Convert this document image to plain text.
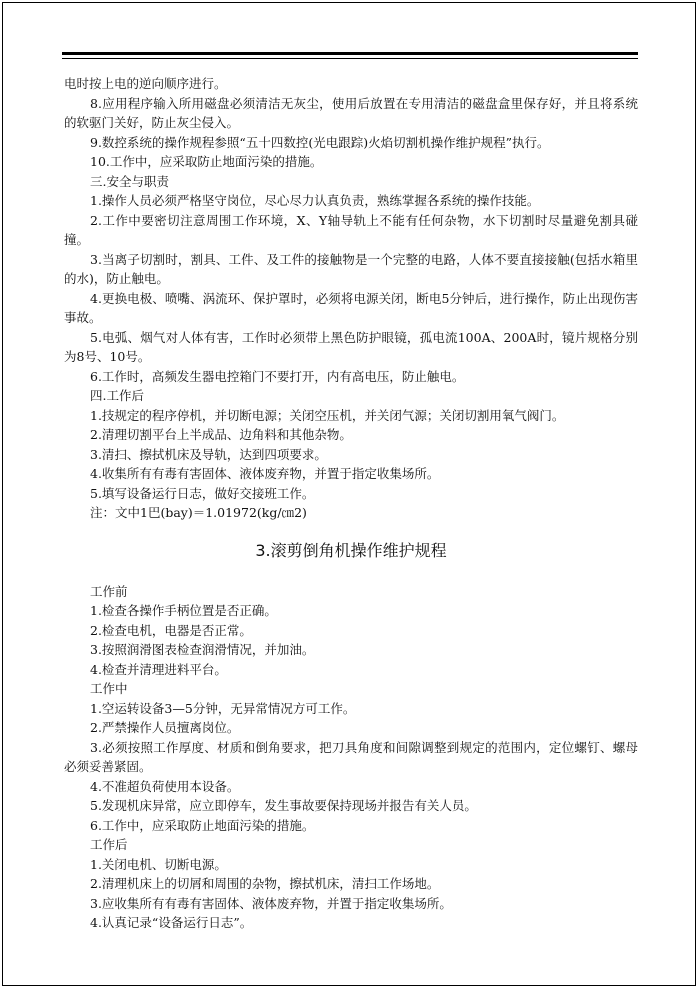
电时按上电的逆向顺序进行。

8.应用程序输入所用磁盘必须清洁无灰尘，使用后放置在专用清洁的磁盘盒里保存好，并且将系统的软驱门关好，防止灰尘侵入。

9.数控系统的操作规程参照“五十四数控(光电跟踪)火焰切割机操作维护规程”执行。

10.工作中，应采取防止地面污染的措施。

三.安全与职责

1.操作人员必须严格坚守岗位，尽心尽力认真负责，熟练掌握各系统的操作技能。

2.工作中要密切注意周围工作环境，X、Y轴导轨上不能有任何杂物，水下切割时尽量避免割具碰撞。

3.当离子切割时，割具、工件、及工件的接触物是一个完整的电路，人体不要直接接触(包括水箱里的水)，防止触电。

4.更换电极、喷嘴、涡流环、保护罩时，必须将电源关闭，断电5分钟后，进行操作，防止出现伤害事故。

5.电弧、烟气对人体有害，工作时必须带上黑色防护眼镜，孤电流100A、200A时，镜片规格分别为8号、10号。

6.工作时，高频发生器电控箱门不要打开，内有高电压，防止触电。

四.工作后

1.技规定的程序停机，并切断电源；关闭空压机，并关闭气源；关闭切割用氧气阀门。

2.清理切割平台上半成品、边角料和其他杂物。

3.清扫、擦拭机床及导轨，达到四项要求。

4.收集所有有毒有害固体、液体废弃物，并置于指定收集场所。

5.填写设备运行日志，做好交接班工作。

注：文中1巴(bay)＝1.01972(kg/㎝2)

3.滚剪倒角机操作维护规程

工作前

1.检查各操作手柄位置是否正确。

2.检查电机，电器是否正常。

3.按照润滑图表检查润滑情况，并加油。

4.检查并清理进料平台。

工作中

1.空运转设备3—5分钟，无异常情况方可工作。

2.严禁操作人员擅离岗位。

3.必须按照工作厚度、材质和倒角要求，把刀具角度和间隙调整到规定的范围内，定位螺钉、螺母必须妥善紧固。

4.不准超负荷使用本设备。

5.发现机床异常，应立即停车，发生事故要保持现场并报告有关人员。

6.工作中，应采取防止地面污染的措施。

工作后

1.关闭电机、切断电源。

2.清理机床上的切屑和周围的杂物，擦拭机床，清扫工作场地。

3.应收集所有有毒有害固体、液体废弃物，并置于指定收集场所。

4.认真记录“设备运行日志”。
